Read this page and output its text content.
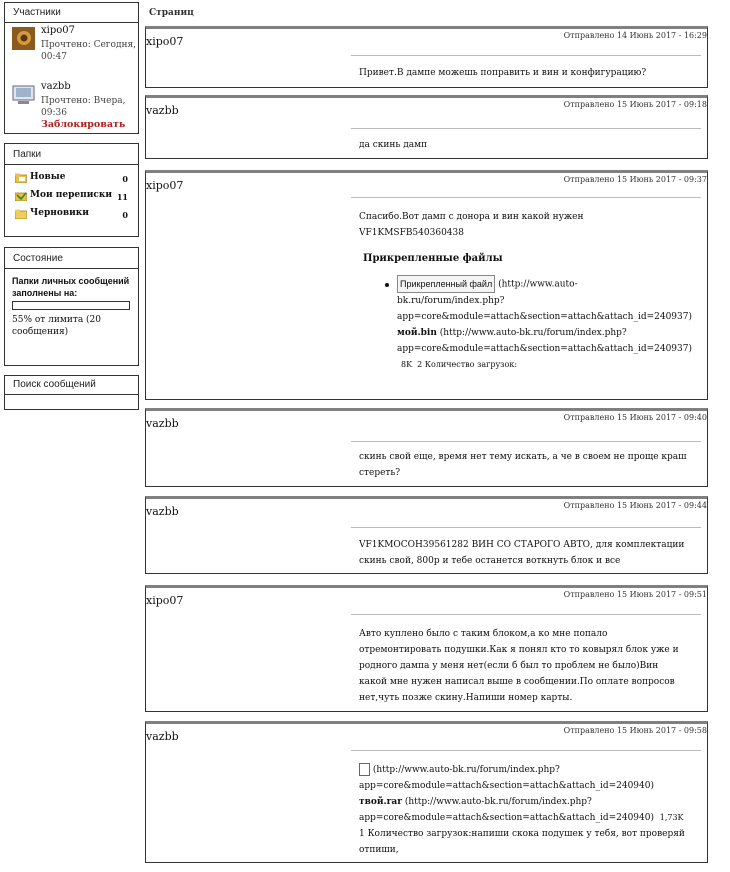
Участники
xipo07
Прочтено: Сегодня, 00:47
vazbb
Прочтено: Вчера, 09:36
Заблокировать
Папки
Новые	0
Мои переписки 11
Черновики	0
Состояние
Папки личных сообщений заполнены на:
55% от лимита (20 сообщения)
Поиск сообщений
Страниц
xipo07	Отправлено 14 Июнь 2017 - 16:29
Привет.В дампе можешь поправить и вин и конфигурацию?
vazbb	Отправлено 15 Июнь 2017 - 09:18
да скинь дамп
xipo07	Отправлено 15 Июнь 2017 - 09:37
Спасибо.Вот дамп с донора и вин какой нужен
VF1KMSFB540360438
Прикрепленные файлы
Прикрепленный файл (http://www.auto-
bk.ru/forum/index.php?
app=core&module=attach&section=attach&attach_id=240937)
мой.bin (http://www.auto-bk.ru/forum/index.php?
app=core&module=attach&section=attach&attach_id=240937)
8K 2 Количество загрузок:
vazbb	Отправлено 15 Июнь 2017 - 09:40
скинь свой еще, время нет тему искать, а че в своем не проще краш
стереть?
vazbb	Отправлено 15 Июнь 2017 - 09:44
VF1KMOCOH39561282 ВИН СО СТАРОГО АВТО, для комплектации
скинь свой, 800р и тебе останется воткнуть блок и все
xipo07	Отправлено 15 Июнь 2017 - 09:51
Авто куплено было с таким блоком,а ко мне попало
отремонтировать подушки.Как я понял кто то ковырял блок уже и
родного дампа у меня нет(если б был то проблем не было)Вин
какой мне нужен написал выше в сообщении.По оплате вопросов
нет,чуть позже скину.Напиши номер карты.
vazbb	Отправлено 15 Июнь 2017 - 09:58
(http://www.auto-bk.ru/forum/index.php?
app=core&module=attach&section=attach&attach_id=240940)
твой.rar (http://www.auto-bk.ru/forum/index.php?
app=core&module=attach&section=attach&attach_id=240940) 1,73K
1 Количество загрузок:напиши скока подушек у тебя, вот проверяй
отпиши,
